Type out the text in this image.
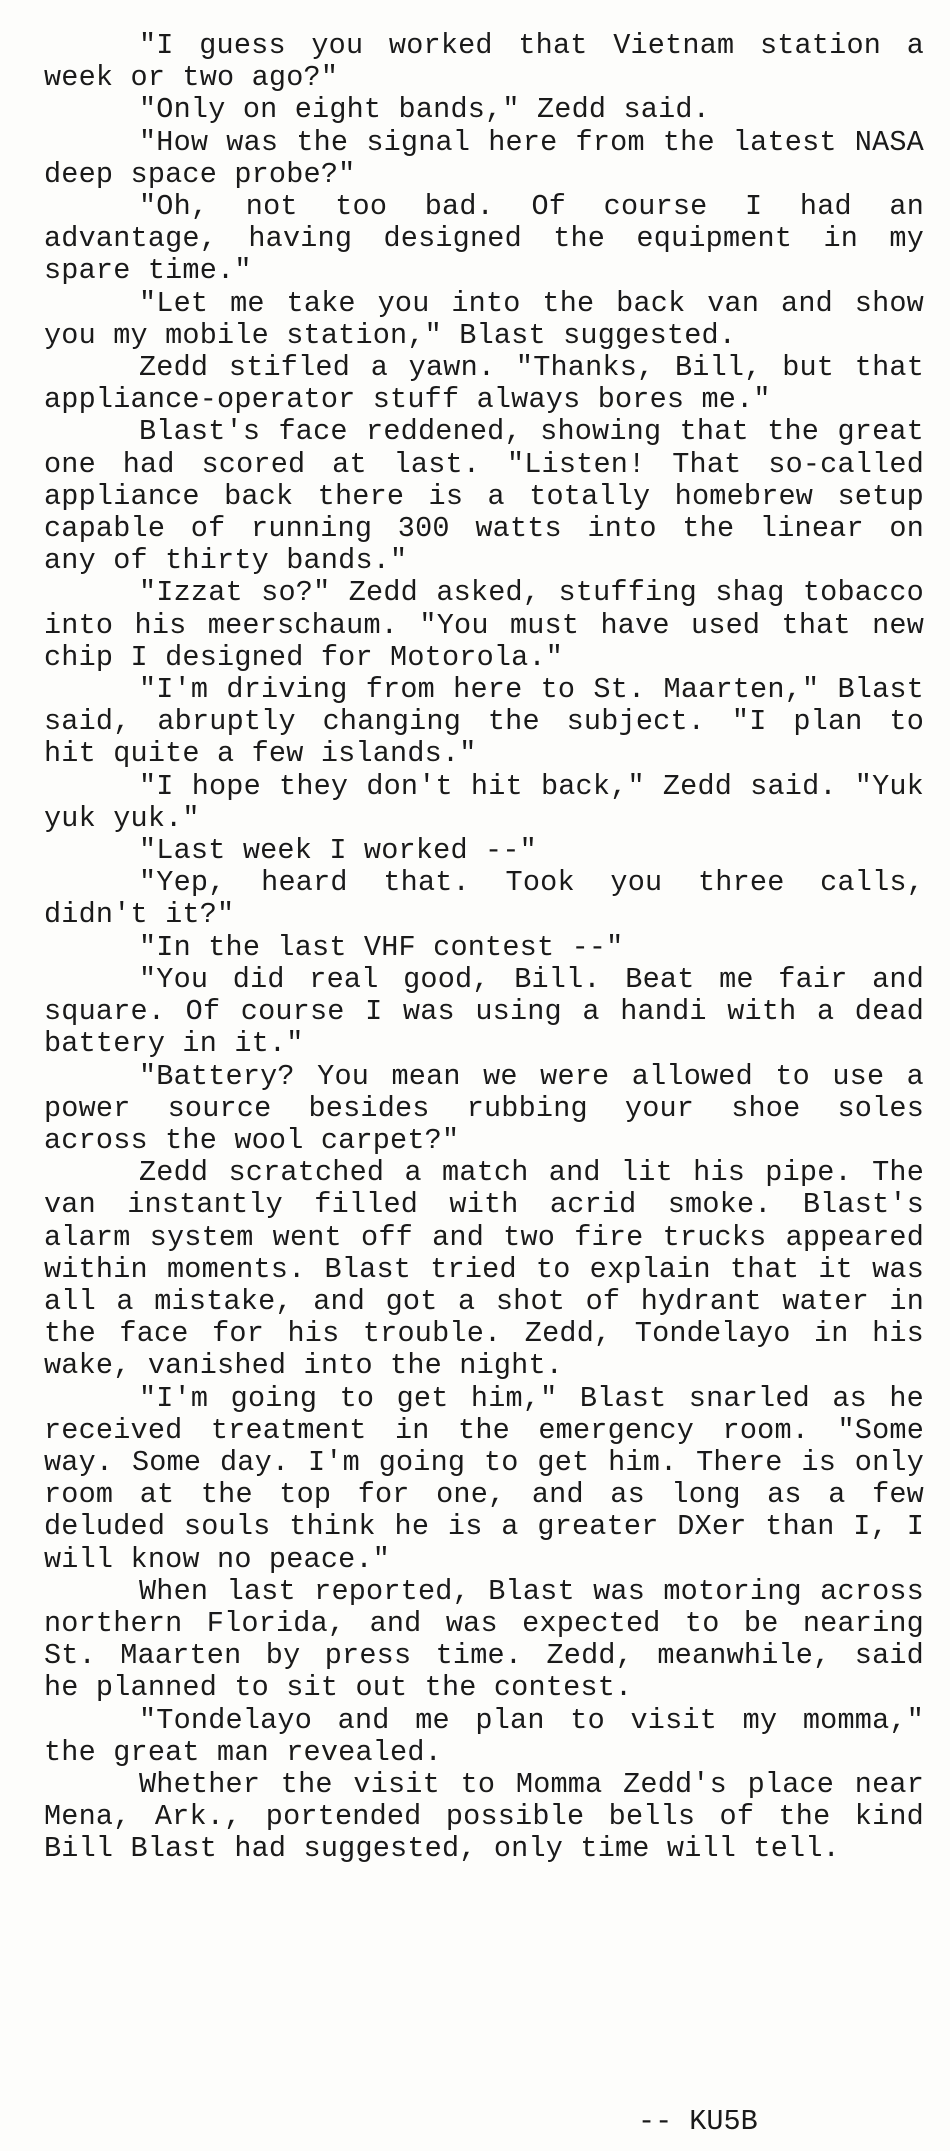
"I guess you worked that Vietnam station a week or two ago?"

"Only on eight bands," Zedd said.

"How was the signal here from the latest NASA deep space probe?"

"Oh, not too bad. Of course I had an advantage, having designed the equipment in my spare time."

"Let me take you into the back van and show you my mobile station," Blast suggested.

Zedd stifled a yawn. "Thanks, Bill, but that appliance-operator stuff always bores me."

Blast's face reddened, showing that the great one had scored at last. "Listen! That so-called appliance back there is a totally homebrew setup capable of running 300 watts into the linear on any of thirty bands."

"Izzat so?" Zedd asked, stuffing shag tobacco into his meerschaum. "You must have used that new chip I designed for Motorola."

"I'm driving from here to St. Maarten," Blast said, abruptly changing the subject. "I plan to hit quite a few islands."

"I hope they don't hit back," Zedd said. "Yuk yuk yuk."

"Last week I worked --"

"Yep, heard that. Took you three calls, didn't it?"

"In the last VHF contest --"

"You did real good, Bill. Beat me fair and square. Of course I was using a handi with a dead battery in it."

"Battery? You mean we were allowed to use a power source besides rubbing your shoe soles across the wool carpet?"

Zedd scratched a match and lit his pipe. The van instantly filled with acrid smoke. Blast's alarm system went off and two fire trucks appeared within moments. Blast tried to explain that it was all a mistake, and got a shot of hydrant water in the face for his trouble. Zedd, Tondelayo in his wake, vanished into the night.

"I'm going to get him," Blast snarled as he received treatment in the emergency room. "Some way. Some day. I'm going to get him. There is only room at the top for one, and as long as a few deluded souls think he is a greater DXer than I, I will know no peace."

When last reported, Blast was motoring across northern Florida, and was expected to be nearing St. Maarten by press time. Zedd, meanwhile, said he planned to sit out the contest.

"Tondelayo and me plan to visit my momma," the great man revealed.

Whether the visit to Momma Zedd's place near Mena, Ark., portended possible bells of the kind Bill Blast had suggested, only time will tell.

-- KU5B
